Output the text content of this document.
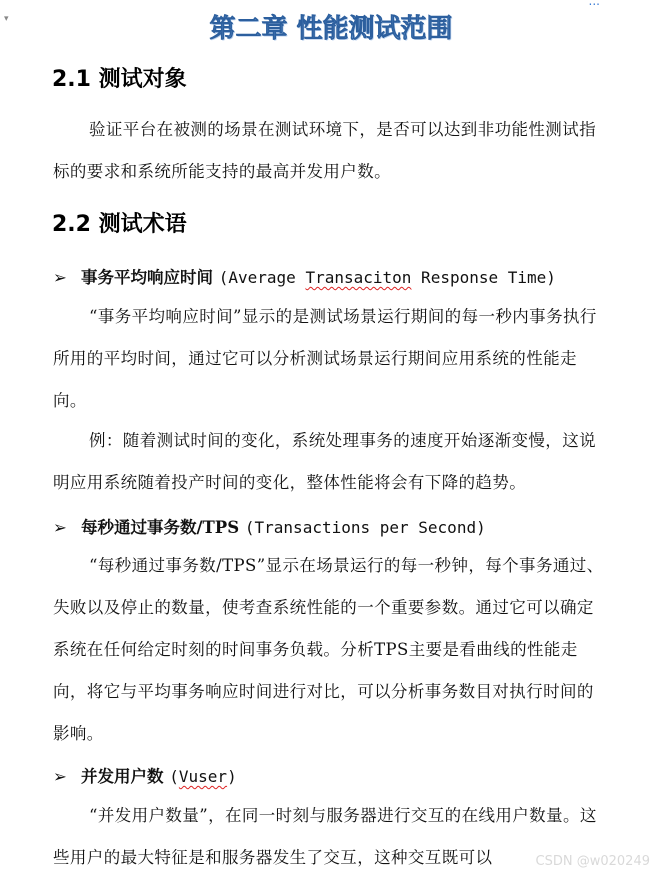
...
▾	第二章 性能测试范围
2.1 测试对象
验证平台在被测的场景在测试环境下，是否可以达到非功能性测试指标的要求和系统所能支持的最高并发用户数。
2.2 测试术语
➢ 事务平均响应时间 (Average Transaciton Response Time)
“事务平均响应时间”显示的是测试场景运行期间的每一秒内事务执行所用的平均时间，通过它可以分析测试场景运行期间应用系统的性能走向。
例：随着测试时间的变化，系统处理事务的速度开始逐渐变慢，这说明应用系统随着投产时间的变化，整体性能将会有下降的趋势。
➢ 每秒通过事务数/TPS (Transactions per Second)
“每秒通过事务数/TPS”显示在场景运行的每一秒钟，每个事务通过、失败以及停止的数量，使考查系统性能的一个重要参数。通过它可以确定系统在任何给定时刻的时间事务负载。分析TPS主要是看曲线的性能走向，将它与平均事务响应时间进行对比，可以分析事务数目对执行时间的影响。
➢ 并发用户数 (Vuser)
“并发用户数量”，在同一时刻与服务器进行交互的在线用户数量。这些用户的最大特征是和服务器发生了交互，这种交互既可以	CSDN @w020249
